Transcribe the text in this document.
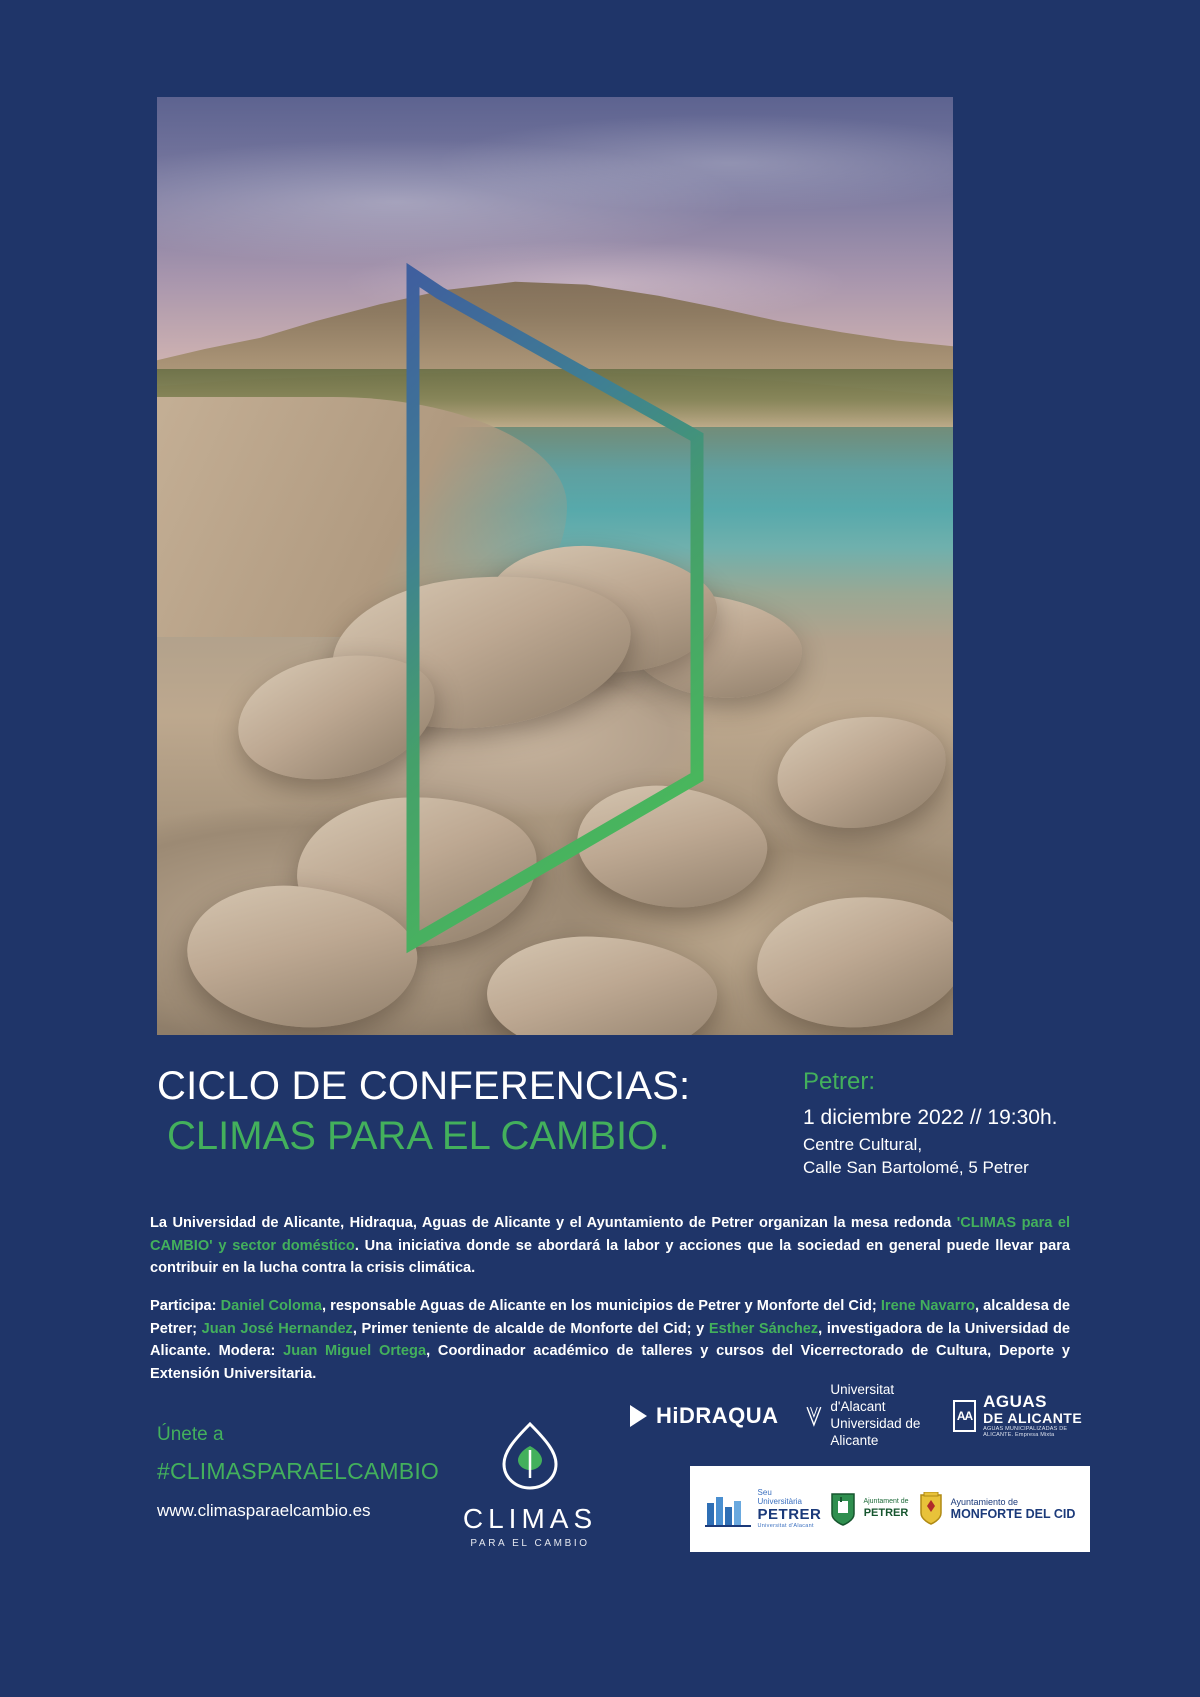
CICLO DE CONFERENCIAS:
CLIMAS PARA EL CAMBIO.
Petrer:
1 diciembre 2022 // 19:30h.
Centre Cultural,
Calle San Bartolomé, 5 Petrer
La Universidad de Alicante, Hidraqua, Aguas de Alicante y el Ayuntamiento de Petrer organizan la mesa redonda 'CLIMAS para el CAMBIO' y sector doméstico. Una iniciativa donde se abordará la labor y acciones que la sociedad en general puede llevar para contribuir en la lucha contra la crisis climática.
Participa: Daniel Coloma, responsable Aguas de Alicante en los municipios de Petrer y Monforte del Cid; Irene Navarro, alcaldesa de Petrer; Juan José Hernandez, Primer teniente de alcalde de Monforte del Cid; y Esther Sánchez, investigadora de la Universidad de Alicante. Modera: Juan Miguel Ortega, Coordinador académico de talleres y cursos del Vicerrectorado de Cultura, Deporte y Extensión Universitaria.
Únete a
#CLIMASPARAELCAMBIO
www.climasparaelcambio.es	CLIMAS
PARA EL CAMBIO
HiDRAQUA
Universitat d'Alacant
Universidad de Alicante
AA
AGUAS
DE ALICANTE
AGUAS MUNICIPALIZADAS DE ALICANTE. Empresa Mixta
Seu
Universitària
PETRER
Universitat d'Alacant
Ajuntament de
PETRER
Ayuntamiento de
MONFORTE DEL CID
